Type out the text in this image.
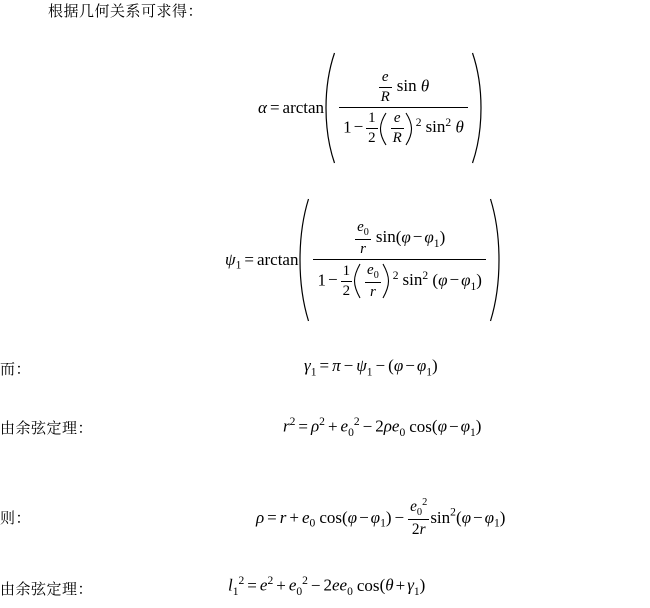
根据几何关系可求得：
α = arctan
$\frac{e}{R}$ sin θ
$1 - \frac{1}{2} \frac{e}{R} ^2$ $\sin^2 \theta$
$\psi_1 = \arctan$
$\frac{e_0}{r} \sin(\varphi - \varphi_1)$
$1 - \frac{1}{2} \frac{e_0}{r} ^2$ $\sin^2 (\varphi - \varphi_1)$
而：	$\gamma_1 = \pi - \psi_1 - (\varphi - \varphi_1)$
由余弦定理：	$r^2 = \rho^2 + e_0^2 - 2\rho e_0$ $\cos(\varphi - \varphi_1)$
则：	$\rho = r + e_0$ $\cos(\varphi - \varphi_1) - \frac{e_0^2}{2r} \sin^2(\varphi - \varphi_1)$
由余弦定理：	$l_1^2 = e^2 + e_0^2 - 2ee_0$ $\cos(\theta + \gamma_1)$
